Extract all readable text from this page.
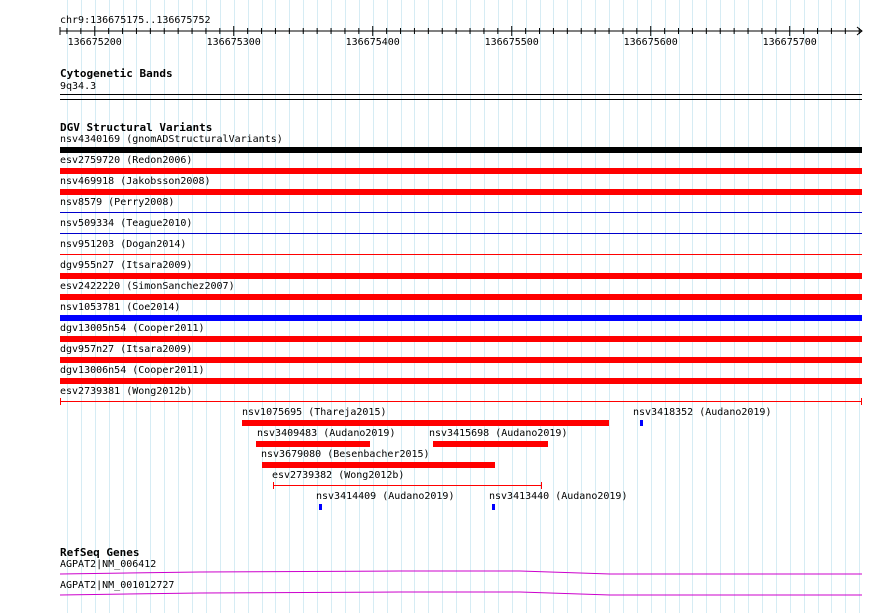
chr9:136675175..136675752
136675200	136675300	136675400	136675500	136675600	136675700
Cytogenetic Bands
9q34.3
DGV Structural Variants
nsv4340169 (gnomADStructuralVariants)
esv2759720 (Redon2006)
nsv469918 (Jakobsson2008)
nsv8579 (Perry2008)
nsv509334 (Teague2010)
nsv951203 (Dogan2014)
dgv955n27 (Itsara2009)
esv2422220 (SimonSanchez2007)
nsv1053781 (Coe2014)
dgv13005n54 (Cooper2011)
dgv957n27 (Itsara2009)
dgv13006n54 (Cooper2011)
esv2739381 (Wong2012b)
nsv1075695 (Thareja2015)	nsv3418352 (Audano2019)
nsv3409483 (Audano2019)	nsv3415698 (Audano2019)
nsv3679080 (Besenbacher2015)
esv2739382 (Wong2012b)
nsv3414409 (Audano2019)	nsv3413440 (Audano2019)
RefSeq Genes
AGPAT2|NM_006412
AGPAT2|NM_001012727
